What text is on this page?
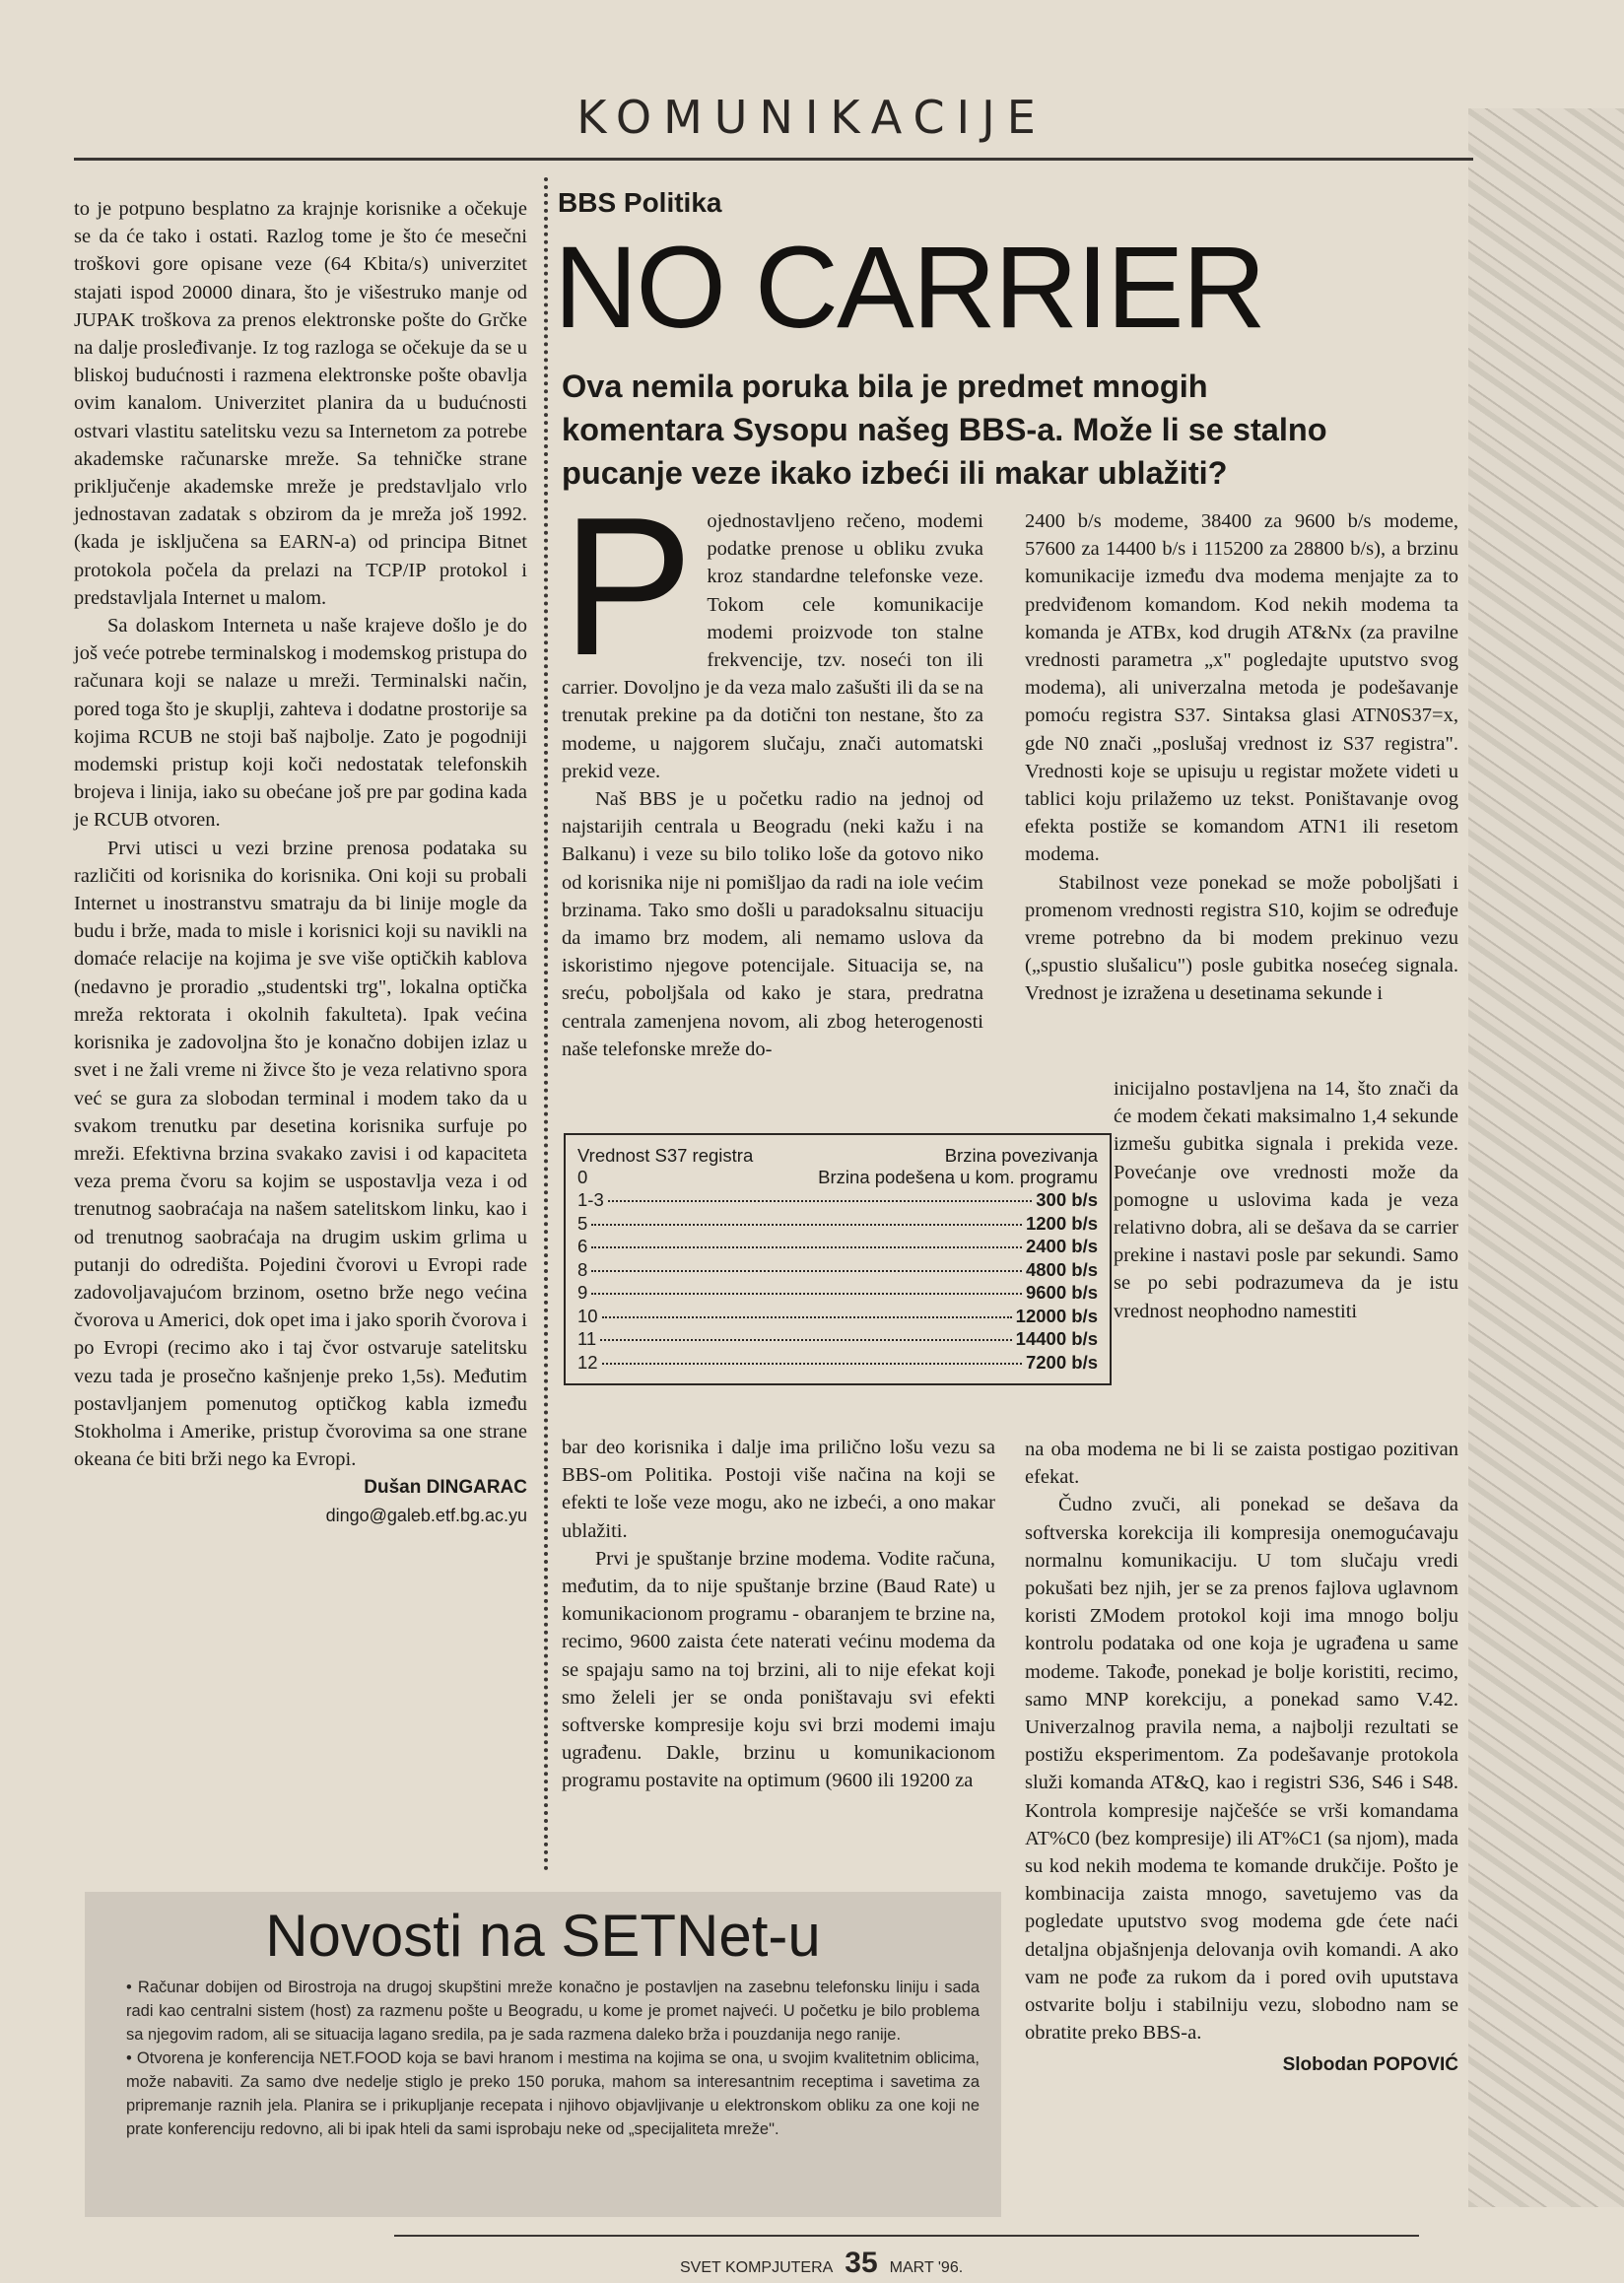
KOMUNIKACIJE

to je potpuno besplatno za krajnje korisnike a očekuje se da će tako i ostati. Razlog tome je što će mesečni troškovi gore opisane veze (64 Kbita/s) univerzitet stajati ispod 20000 dinara, što je višestruko manje od JUPAK troškova za prenos elektronske pošte do Grčke na dalje prosleđivanje. Iz tog razloga se očekuje da se u bliskoj budućnosti i razmena elektronske pošte obavlja ovim kanalom. Univerzitet planira da u budućnosti ostvari vlastitu satelitsku vezu sa Internetom za potrebe akademske računarske mreže. Sa tehničke strane priključenje akademske mreže je predstavljalo vrlo jednostavan zadatak s obzirom da je mreža još 1992. (kada je isključena sa EARN-a) od principa Bitnet protokola počela da prelazi na TCP/IP protokol i predstavljala Internet u malom.

Sa dolaskom Interneta u naše krajeve došlo je do još veće potrebe terminalskog i modemskog pristupa do računara koji se nalaze u mreži. Terminalski način, pored toga što je skuplji, zahteva i dodatne prostorije sa kojima RCUB ne stoji baš najbolje. Zato je pogodniji modemski pristup koji koči nedostatak telefonskih brojeva i linija, iako su obećane još pre par godina kada je RCUB otvoren.

Prvi utisci u vezi brzine prenosa podataka su različiti od korisnika do korisnika. Oni koji su probali Internet u inostranstvu smatraju da bi linije mogle da budu i brže, mada to misle i korisnici koji su navikli na domaće relacije na kojima je sve više optičkih kablova (nedavno je proradio „studentski trg", lokalna optička mreža rektorata i okolnih fakulteta). Ipak većina korisnika je zadovoljna što je konačno dobijen izlaz u svet i ne žali vreme ni živce što je veza relativno spora već se gura za slobodan terminal i modem tako da u svakom trenutku par desetina korisnika surfuje po mreži. Efektivna brzina svakako zavisi i od kapaciteta veza prema čvoru sa kojim se uspostavlja veza i od trenutnog saobraćaja na našem satelitskom linku, kao i od trenutnog saobraćaja na drugim uskim grlima u putanji do odredišta. Pojedini čvorovi u Evropi rade zadovoljavajućom brzinom, osetno brže nego većina čvorova u Americi, dok opet ima i jako sporih čvorova i po Evropi (recimo ako i taj čvor ostvaruje satelitsku vezu tada je prosečno kašnjenje preko 1,5s). Međutim postavljanjem pomenutog optičkog kabla između Stokholma i Amerike, pristup čvorovima sa one strane okeana će biti brži nego ka Evropi.

Dušan DINGARAC
dingo@galeb.etf.bg.ac.yu
BBS Politika
NO CARRIER
Ova nemila poruka bila je predmet mnogih komentara Sysopu našeg BBS-a. Može li se stalno pucanje veze ikako izbeći ili makar ublažiti?
P ojednostavljeno rečeno, modemi podatke prenose u obliku zvuka kroz standardne telefonske veze. Tokom cele komunikacije modemi proizvode ton stalne frekvencije, tzv. noseći ton ili carrier. Dovoljno je da veza malo zašušti ili da se na trenutak prekine pa da dotični ton nestane, što za modeme, u najgorem slučaju, znači automatski prekid veze.

Naš BBS je u početku radio na jednoj od najstarijih centrala u Beogradu (neki kažu i na Balkanu) i veze su bilo toliko loše da gotovo niko od korisnika nije ni pomišljao da radi na iole većim brzinama. Tako smo došli u paradoksalnu situaciju da imamo brz modem, ali nemamo uslova da iskoristimo njegove potencijale. Situacija se, na sreću, poboljšala od kako je stara, predratna centrala zamenjena novom, ali zbog heterogenosti naše telefonske mreže do-

Vrednost S37 registra	Brzina povezivanja
0	Brzina podešena u kom. programu
1-3	300 b/s
5	1200 b/s
6	2400 b/s
8	4800 b/s
9	9600 b/s
10	12000 b/s
11	14400 b/s
12	7200 b/s

bar deo korisnika i dalje ima prilično lošu vezu sa BBS-om Politika. Postoji više načina na koji se efekti te loše veze mogu, ako ne izbeći, a ono makar ublažiti.

Prvi je spuštanje brzine modema. Vodite računa, međutim, da to nije spuštanje brzine (Baud Rate) u komunikacionom programu - obaranjem te brzine na, recimo, 9600 zaista ćete naterati većinu modema da se spajaju samo na toj brzini, ali to nije efekat koji smo želeli jer se onda poništavaju svi efekti softverske kompresije koju svi brzi modemi imaju ugrađenu. Dakle, brzinu u komunikacionom programu postavite na optimum (9600 ili 19200 za

2400 b/s modeme, 38400 za 9600 b/s modeme, 57600 za 14400 b/s i 115200 za 28800 b/s), a brzinu komunikacije između dva modema menjajte za to predviđenom komandom. Kod nekih modema ta komanda je ATBx, kod drugih AT&Nx (za pravilne vrednosti parametra „x" pogledajte uputstvo svog modema), ali univerzalna metoda je podešavanje pomoću registra S37. Sintaksa glasi ATN0S37=x, gde N0 znači „poslušaj vrednost iz S37 registra". Vrednosti koje se upisuju u registar možete videti u tablici koju prilažemo uz tekst. Poništavanje ovog efekta postiže se komandom ATN1 ili resetom modema.

Stabilnost veze ponekad se može poboljšati i promenom vrednosti registra S10, kojim se određuje vreme potrebno da bi modem prekinuo vezu („spustio slušalicu") posle gubitka nosećeg signala. Vrednost je izražena u desetinama sekunde i

inicijalno postavljena na 14, što znači da će modem čekati maksimalno 1,4 sekunde izmešu gubitka signala i prekida veze. Povećanje ove vrednosti može da pomogne u uslovima kada je veza relativno dobra, ali se dešava da se carrier prekine i nastavi posle par sekundi. Samo se po sebi podrazumeva da je istu vrednost neophodno namestiti

na oba modema ne bi li se zaista postigao pozitivan efekat.

Čudno zvuči, ali ponekad se dešava da softverska korekcija ili kompresija onemogućavaju normalnu komunikaciju. U tom slučaju vredi pokušati bez njih, jer se za prenos fajlova uglavnom koristi ZModem protokol koji ima mnogo bolju kontrolu podataka od one koja je ugrađena u same modeme. Takođe, ponekad je bolje koristiti, recimo, samo MNP korekciju, a ponekad samo V.42. Univerzalnog pravila nema, a najbolji rezultati se postižu eksperimentom. Za podešavanje protokola služi komanda AT&Q, kao i registri S36, S46 i S48. Kontrola kompresije najčešće se vrši komandama AT%C0 (bez kompresije) ili AT%C1 (sa njom), mada su kod nekih modema te komande drukčije. Pošto je kombinacija zaista mnogo, savetujemo vas da pogledate uputstvo svog modema gde ćete naći detaljna objašnjenja delovanja ovih komandi. A ako vam ne pođe za rukom da i pored ovih uputstava ostvarite bolju i stabilniju vezu, slobodno nam se obratite preko BBS-a.

Slobodan POPOVIĆ
Novosti na SETNet-u

• Računar dobijen od Birostroja na drugoj skupštini mreže konačno je postavljen na zasebnu telefonsku liniju i sada radi kao centralni sistem (host) za razmenu pošte u Beogradu, u kome je promet najveći. U početku je bilo problema sa njegovim radom, ali se situacija lagano sredila, pa je sada razmena daleko brža i pouzdanija nego ranije.

• Otvorena je konferencija NET.FOOD koja se bavi hranom i mestima na kojima se ona, u svojim kvalitetnim oblicima, može nabaviti. Za samo dve nedelje stiglo je preko 150 poruka, mahom sa interesantnim receptima i savetima za pripremanje raznih jela. Planira se i prikupljanje recepata i njihovo objavljivanje u elektronskom obliku za one koji ne prate konferenciju redovno, ali bi ipak hteli da sami isprobaju neke od „specijaliteta mreže".

SVET KOMPJUTERA 35 MART '96.
